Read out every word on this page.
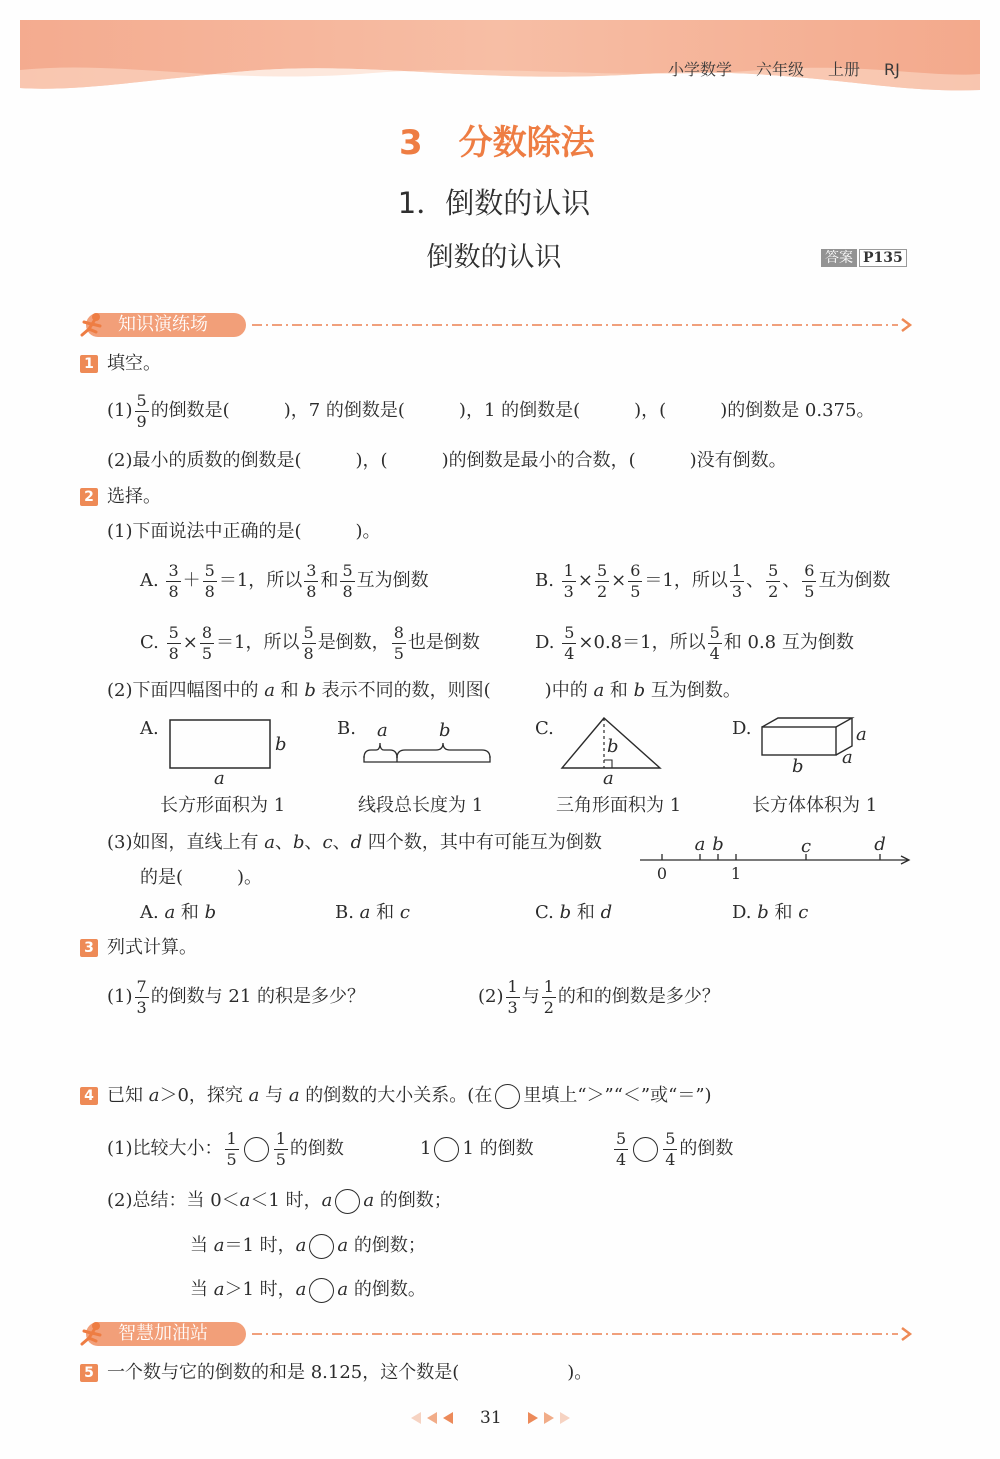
小学数学 六年级 上册 RJ
3 分数除法
1．倒数的认识
倒数的认识	答案 P135
知识演练场
1 填空。
$(1) \frac{5}{9}$ 的倒数是(　　　)，7 的倒数是(　　　)，1 的倒数是(　　　)，(　　　)的倒数是 0.375。
(2)最小的质数的倒数是(　　　)，(　　　)的倒数是最小的合数，(　　　)没有倒数。
2 选择。
(1)下面说法中正确的是(　　　)。
A. $\frac{3}{8} + \frac{5}{8} =1$，所以 $\frac{3}{8}$ 和 $\frac{5}{8}$ 互为倒数	B. $\frac{1}{3} \times \frac{5}{2} \times \frac{6}{5} =1$，所以 $\frac{1}{3}$ 、 $\frac{5}{2}$ 、 $\frac{6}{5}$ 互为倒数
C. $\frac{5}{8} \times \frac{8}{5} =1$，所以 $\frac{5}{8}$ 是倒数， $\frac{8}{5}$ 也是倒数	D. $\frac{5}{4} \times 0.8=1$，所以 $\frac{5}{4}$ 和 0.8 互为倒数
(2)下面四幅图中的 a 和 b 表示不同的数，则图(　　　)中的 a 和 b 互为倒数。
A.
b
a
B. a	b	C.
b
a
D.	a
a
b
长方形面积为 1	线段总长度为 1	三角形面积为 1	长方体体积为 1
(3)如图，直线上有 a、b、c、d 四个数，其中有可能互为倒数
的是(　　　)。
a b	c	d
0	1
A. a 和 b	B. a 和 c	C. b 和 d	D. b 和 c
3 列式计算。
$(1) \frac{7}{3}$ 的倒数与 21 的积是多少？	$(2) \frac{1}{3}$ 与 $\frac{1}{2}$ 的和的倒数是多少？
4 已知 a＞0，探究 a 与 a 的倒数的大小关系。(在 里填上“＞”“＜”或“＝”)
(1)比较大小： $\frac{1}{5} \frac{1}{5}$ 的倒数	1 1 的倒数	$\frac{5}{4} \frac{5}{4}$ 的倒数
(2)总结：当 0＜a＜1 时，a a 的倒数；
当 a＝1 时，a a 的倒数；
当 a＞1 时，a a 的倒数。
智慧加油站
5 一个数与它的倒数的和是 8.125，这个数是(　　　　　　)。
31
